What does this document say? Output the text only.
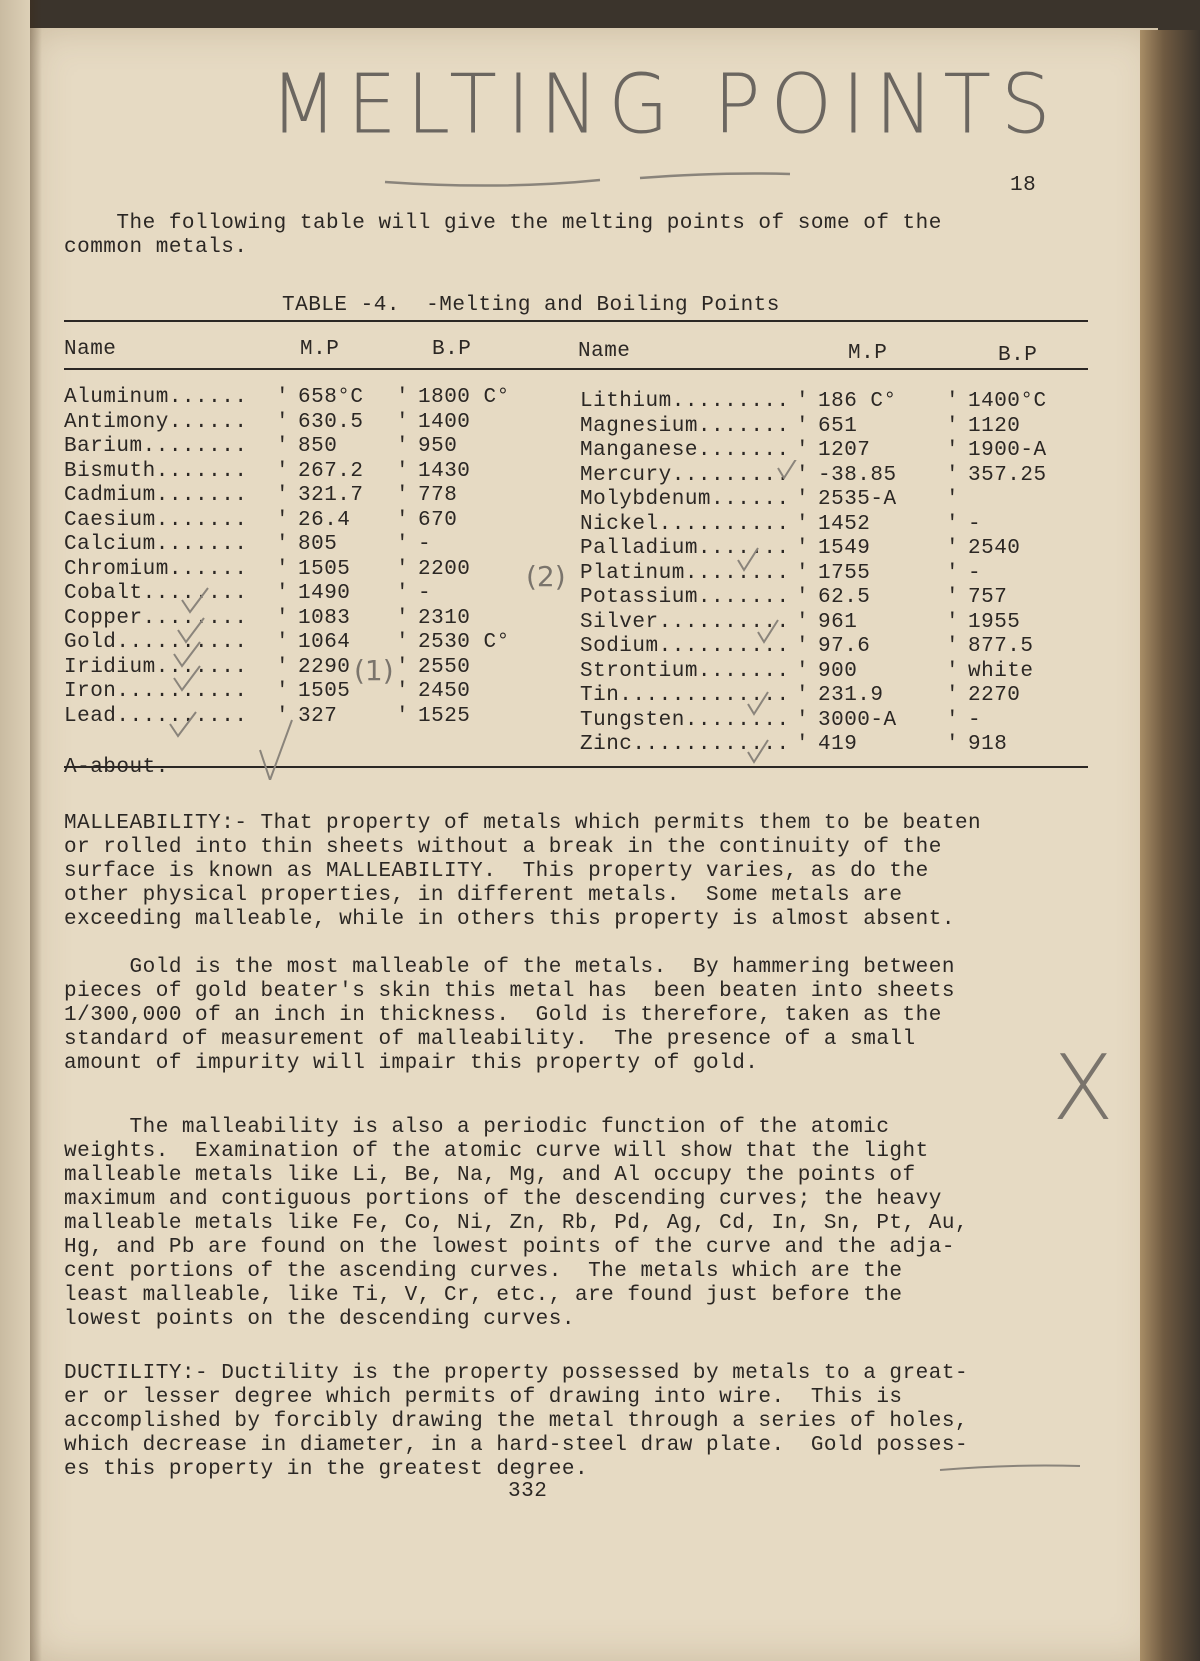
MELTING POINTS
18
The following table will give the melting points of some of the
common metals.
TABLE -4.  -Melting and Boiling Points
Name	M.P	B.P	Name	M.P	B.P
Aluminum...... 658°C	1800 C°
'	'
Antimony...... 630.5	1400
'	'
Barium........ 850	950
'	'
Bismuth....... 267.2	1430
'	'
Cadmium....... 321.7	778
'	'
Caesium....... 26.4	670
'	'
Calcium....... 805	-
'	'
Chromium...... 1505	2200
'	'
Cobalt........ 1490	-
'	'
Copper........ 1083	2310
'	'
Gold.......... 1064	2530 C°
'	'
Iridium....... 2290	2550
'	'
Iron.......... 1505	2450
'	'
Lead.......... 327	1525
'	'
Lithium......... 186 C°	1400°C
'	'
Magnesium....... 651	1120
'	'
Manganese....... 1207	1900-A
'	'
Mercury......... -38.85	357.25
'	'
Molybdenum...... 2535-A
'	'
Nickel.......... 1452	-
'	'
Palladium....... 1549	2540
'	'
Platinum........ 1755	-
'	'
Potassium....... 62.5	757
'	'
Silver.......... 961	1955
'	'
Sodium.......... 97.6	877.5
'	'
Strontium....... 900	white
'	'
Tin............. 231.9	2270
'	'
Tungsten........ 3000-A	-
'	'
Zinc............ 419	918
'	'
A-about.
(1)
(2)
MALLEABILITY:- That property of metals which permits them to be beaten
or rolled into thin sheets without a break in the continuity of the
surface is known as MALLEABILITY.  This property varies, as do the
other physical properties, in different metals.  Some metals are
exceeding malleable, while in others this property is almost absent.
Gold is the most malleable of the metals.  By hammering between
pieces of gold beater's skin this metal has  been beaten into sheets
1/300,000 of an inch in thickness.  Gold is therefore, taken as the
standard of measurement of malleability.  The presence of a small
amount of impurity will impair this property of gold.
The malleability is also a periodic function of the atomic
weights.  Examination of the atomic curve will show that the light
malleable metals like Li, Be, Na, Mg, and Al occupy the points of
maximum and contiguous portions of the descending curves; the heavy
malleable metals like Fe, Co, Ni, Zn, Rb, Pd, Ag, Cd, In, Sn, Pt, Au,
Hg, and Pb are found on the lowest points of the curve and the adja-
cent portions of the ascending curves.  The metals which are the
least malleable, like Ti, V, Cr, etc., are found just before the
lowest points on the descending curves.
DUCTILITY:- Ductility is the property possessed by metals to a great-
er or lesser degree which permits of drawing into wire.  This is
accomplished by forcibly drawing the metal through a series of holes,
which decrease in diameter, in a hard-steel draw plate.  Gold posses-
es this property in the greatest degree.
X
332
